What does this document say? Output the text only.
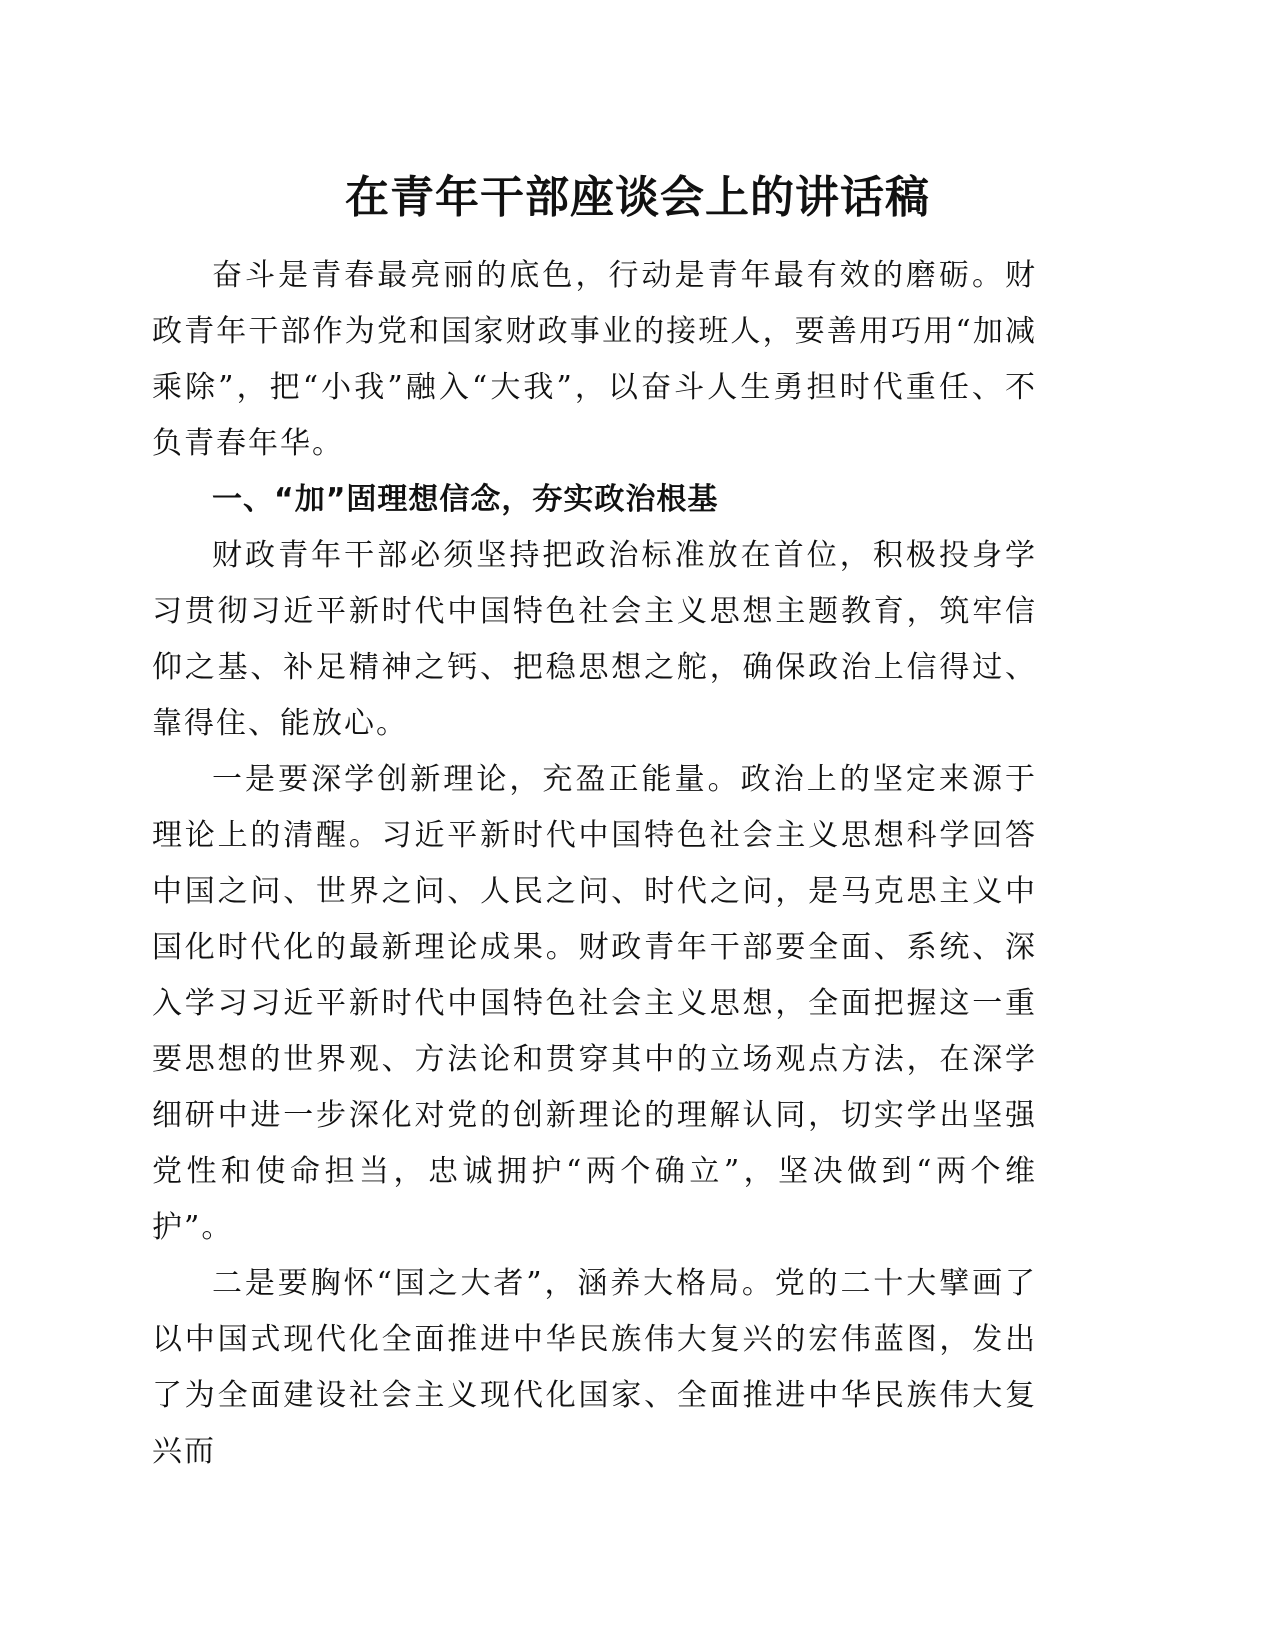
在青年干部座谈会上的讲话稿

奋斗是青春最亮丽的底色，行动是青年最有效的磨砺。财政青年干部作为党和国家财政事业的接班人，要善用巧用“加减乘除”，把“小我”融入“大我”，以奋斗人生勇担时代重任、不负青春年华。

一、“加”固理想信念，夯实政治根基

财政青年干部必须坚持把政治标准放在首位，积极投身学习贯彻习近平新时代中国特色社会主义思想主题教育，筑牢信仰之基、补足精神之钙、把稳思想之舵，确保政治上信得过、靠得住、能放心。

一是要深学创新理论，充盈正能量。政治上的坚定来源于理论上的清醒。习近平新时代中国特色社会主义思想科学回答中国之问、世界之问、人民之问、时代之问，是马克思主义中国化时代化的最新理论成果。财政青年干部要全面、系统、深入学习习近平新时代中国特色社会主义思想，全面把握这一重要思想的世界观、方法论和贯穿其中的立场观点方法，在深学细研中进一步深化对党的创新理论的理解认同，切实学出坚强党性和使命担当，忠诚拥护“两个确立”，坚决做到“两个维护”。

二是要胸怀“国之大者”，涵养大格局。党的二十大擘画了以中国式现代化全面推进中华民族伟大复兴的宏伟蓝图，发出了为全面建设社会主义现代化国家、全面推进中华民族伟大复兴而
